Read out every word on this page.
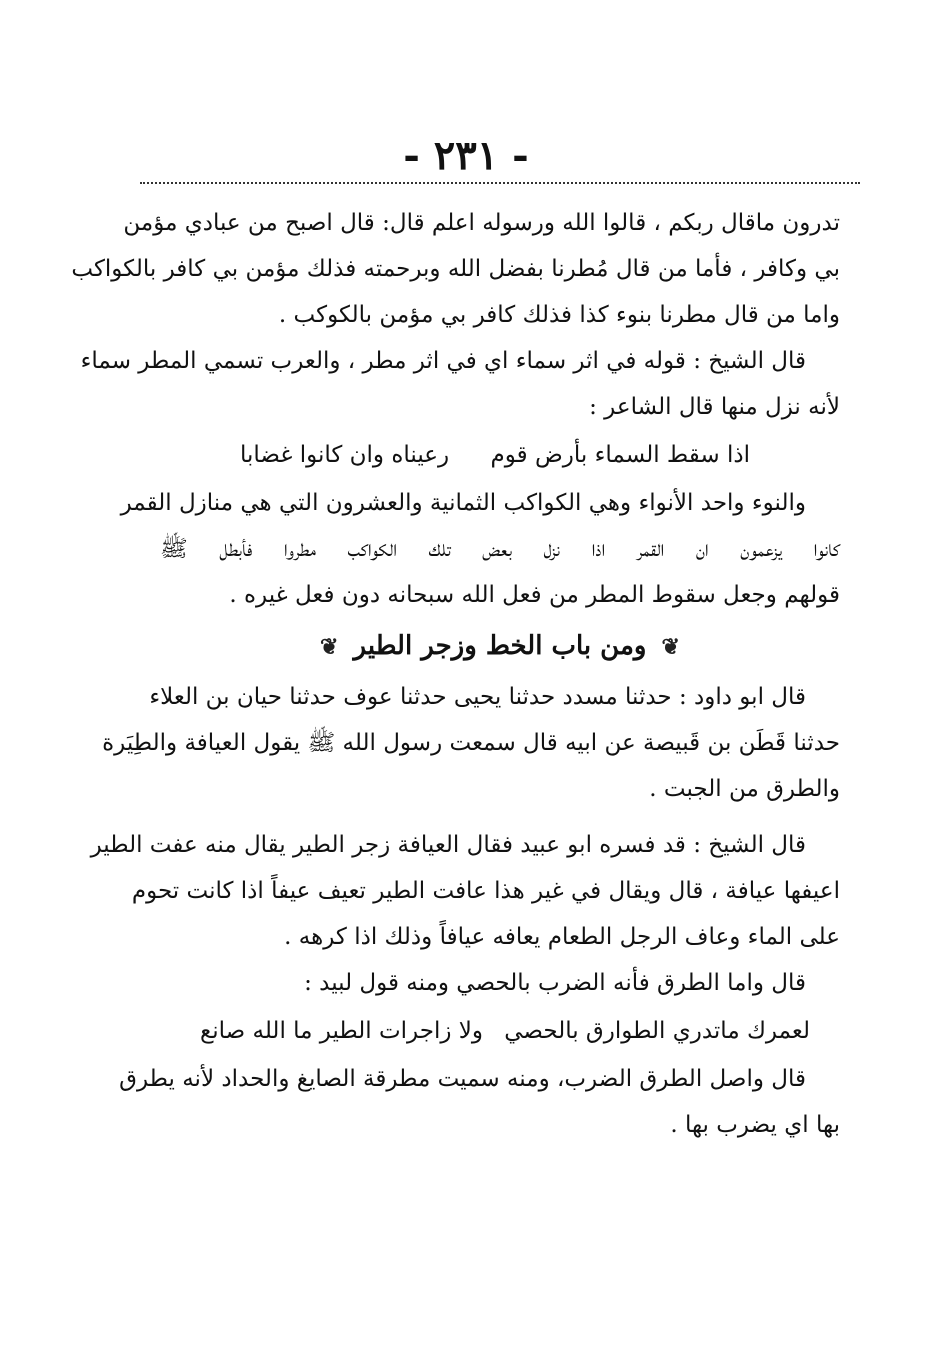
- ٢٣١ -
تدرون ماقال ربكم ، قالوا الله ورسوله اعلم قال: قال اصبح من عبادي مؤمن
بي وكافر ، فأما من قال مُطرنا بفضل الله وبرحمته فذلك مؤمن بي كافر بالكواكب
واما من قال مطرنا بنوء كذا فذلك كافر بي مؤمن بالكوكب .
قال الشيخ : قوله في اثر سماء اي في اثر مطر ، والعرب تسمي المطر سماء
لأنه نزل منها قال الشاعر :
اذا سقط السماء بأرض قوم
رعيناه وان كانوا غضابا
والنوء واحد الأنواء وهي الكواكب الثمانية والعشرون التي هي منازل القمر
كانوا يزعمون ان القمر اذا نزل بعض تلك الكواكب مطروا فأبطل ﷺ
قولهم وجعل سقوط المطر من فعل الله سبحانه دون فعل غيره .
❦ ومن باب الخط وزجر الطير ❦
قال ابو داود : حدثنا مسدد حدثنا يحيى حدثنا عوف حدثنا حيان بن العلاء
حدثنا قَطَن بن قَبيصة عن ابيه قال سمعت رسول الله ﷺ يقول العيافة والطِيَرة
والطرق من الجبت .
قال الشيخ : قد فسره ابو عبيد فقال العيافة زجر الطير يقال منه عفت الطير
اعيفها عيافة ، قال ويقال في غير هذا عافت الطير تعيف عيفاً اذا كانت تحوم
على الماء وعاف الرجل الطعام يعافه عيافاً وذلك اذا كرهه .
قال واما الطرق فأنه الضرب بالحصي ومنه قول لبيد :
لعمرك ماتدري الطوارق بالحصي
ولا زاجرات الطير ما الله صانع
قال واصل الطرق الضرب، ومنه سميت مطرقة الصايغ والحداد لأنه يطرق
بها اي يضرب بها .
